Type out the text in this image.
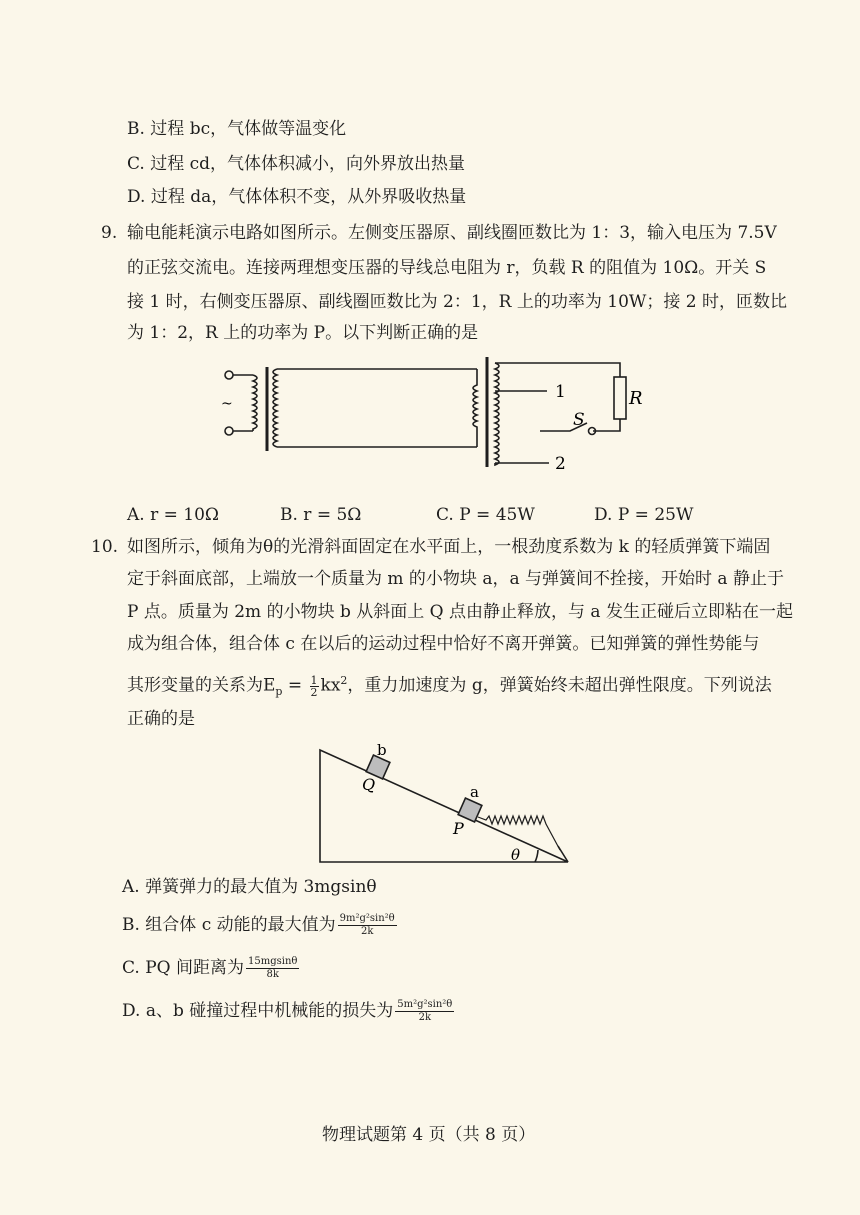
B. 过程 bc，气体做等温变化
C. 过程 cd，气体体积减小，向外界放出热量
D. 过程 da，气体体积不变，从外界吸收热量
9. 输电能耗演示电路如图所示。左侧变压器原、副线圈匝数比为 1：3，输入电压为 7.5V
的正弦交流电。连接两理想变压器的导线总电阻为 r，负载 R 的阻值为 10Ω。开关 S
接 1 时，右侧变压器原、副线圈匝数比为 2：1，R 上的功率为 10W；接 2 时，匝数比
为 1：2，R 上的功率为 P。以下判断正确的是
~
1
2
R
S
A. r = 10Ω	B. r = 5Ω	C. P = 45W	D. P = 25W
10. 如图所示，倾角为θ的光滑斜面固定在水平面上，一根劲度系数为 k 的轻质弹簧下端固
定于斜面底部，上端放一个质量为 m 的小物块 a，a 与弹簧间不拴接，开始时 a 静止于
P 点。质量为 2m 的小物块 b 从斜面上 Q 点由静止释放，与 a 发生正碰后立即粘在一起
成为组合体，组合体 c 在以后的运动过程中恰好不离开弹簧。已知弹簧的弹性势能与
其形变量的关系为$E_p = \frac{1}{2} kx^2$，重力加速度为 g，弹簧始终未超出弹性限度。下列说法
正确的是
b
Q	a
P
θ
A. 弹簧弹力的最大值为 3mgsinθ
B. 组合体 c 动能的最大值为 $\frac{\text{9m²g²sin²θ}}{2k}$
C. PQ 间距离为 $\frac{15mgsin\theta}{8k}$
D. a、b 碰撞过程中机械能的损失为 $\frac{\text{5m²g²sin²θ}}{2k}$
物理试题第 4 页（共 8 页）
